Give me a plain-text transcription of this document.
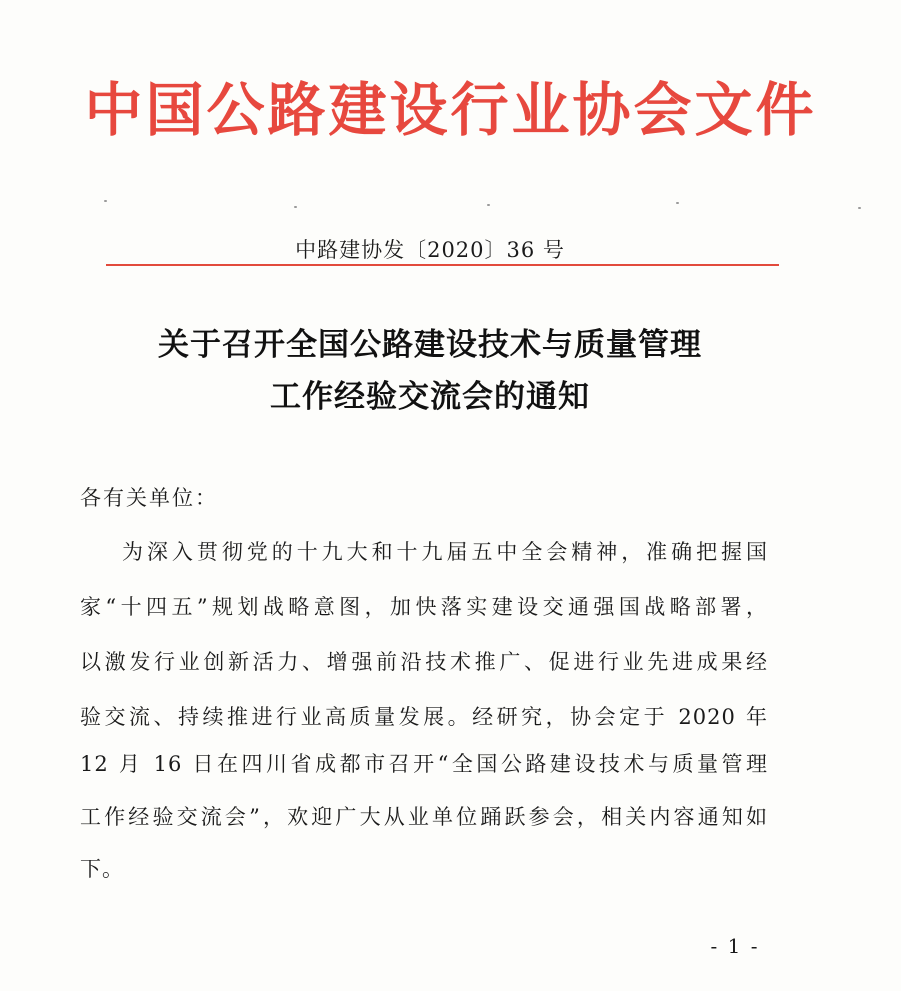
中国公路建设行业协会文件
中路建协发〔2020〕36 号
关于召开全国公路建设技术与质量管理
工作经验交流会的通知
各有关单位：
为深入贯彻党的十九大和十九届五中全会精神，准确把握国
家“十四五”规划战略意图，加快落实建设交通强国战略部署，
以激发行业创新活力、增强前沿技术推广、促进行业先进成果经
验交流、持续推进行业高质量发展。经研究，协会定于 2020 年
12 月 16 日在四川省成都市召开“全国公路建设技术与质量管理
工作经验交流会”，欢迎广大从业单位踊跃参会，相关内容通知如
下。
- 1 -
